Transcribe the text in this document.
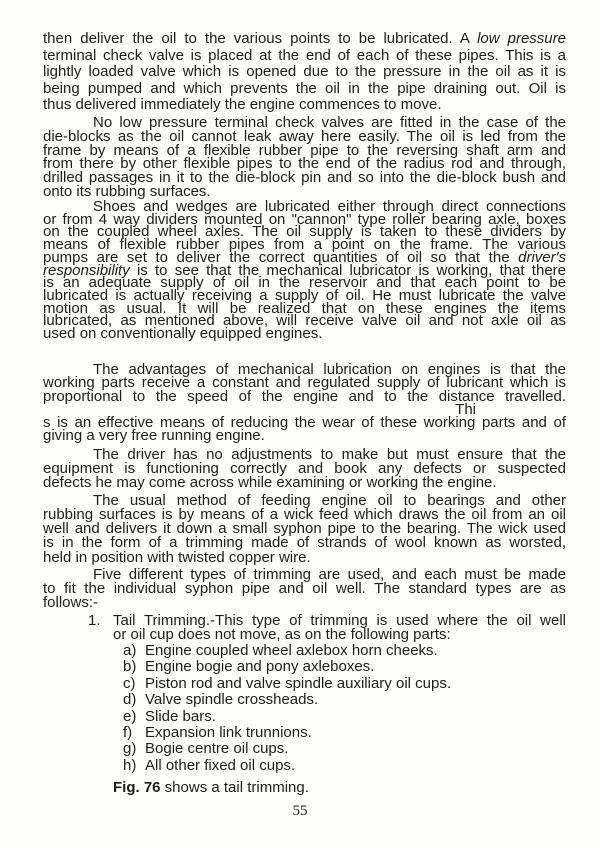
then deliver the oil to the various points to be lubricated. A low pressure
terminal check valve is placed at the end of each of these pipes. This is a
lightly loaded valve which is opened due to the pressure in the oil as it is
being pumped and which prevents the oil in the pipe draining out. Oil is
thus delivered immediately the engine commences to move.
No low pressure terminal check valves are fitted in the case of the
die-blocks as the oil cannot leak away here easily. The oil is led from the
frame by means of a flexible rubber pipe to the reversing shaft arm and
from there by other flexible pipes to the end of the radius rod and through,
drilled passages in it to the die-block pin and so into the die-block bush and
onto its rubbing surfaces.
Shoes and wedges are lubricated either through direct connections
or from 4 way dividers mounted on "cannon" type roller bearing axle, boxes
on the coupled wheel axles. The oil supply is taken to these dividers by
means of flexible rubber pipes from a point on the frame. The various
pumps are set to deliver the correct quantities of oil so that the driver's
responsibility is to see that the mechanical lubricator is working, that there
is an adequate supply of oil in the reservoir and that each point to be
lubricated is actually receiving a supply of oil. He must lubricate the valve
motion as usual. It will be realized that on these engines the items
lubricated, as mentioned above, will receive valve oil and not axle oil as
used on conventionally equipped engines.
The advantages of mechanical lubrication on engines is that the
working parts receive a constant and regulated supply of lubricant which is
proportional to the speed of the engine and to the distance travelled.
Thi
s is an effective means of reducing the wear of these working parts and of
giving a very free running engine.
The driver has no adjustments to make but must ensure that the
equipment is functioning correctly and book any defects or suspected
defects he may come across while examining or working the engine.
The usual method of feeding engine oil to bearings and other
rubbing surfaces is by means of a wick feed which draws the oil from an oil
well and delivers it down a small syphon pipe to the bearing. The wick used
is in the form of a trimming made of strands of wool known as worsted,
held in position with twisted copper wire.
Five different types of trimming are used, and each must be made
to fit the individual syphon pipe and oil well. The standard types are as
follows:-
1. Tail Trimming.-This type of trimming is used where the oil well
or oil cup does not move, as on the following parts:
a) Engine coupled wheel axlebox horn cheeks.
b) Engine bogie and pony axleboxes.
c) Piston rod and valve spindle auxiliary oil cups.
d) Valve spindle crossheads.
e) Slide bars.
f) Expansion link trunnions.
g) Bogie centre oil cups.
h) All other fixed oil cups.
Fig. 76 shows a tail trimming.
55
